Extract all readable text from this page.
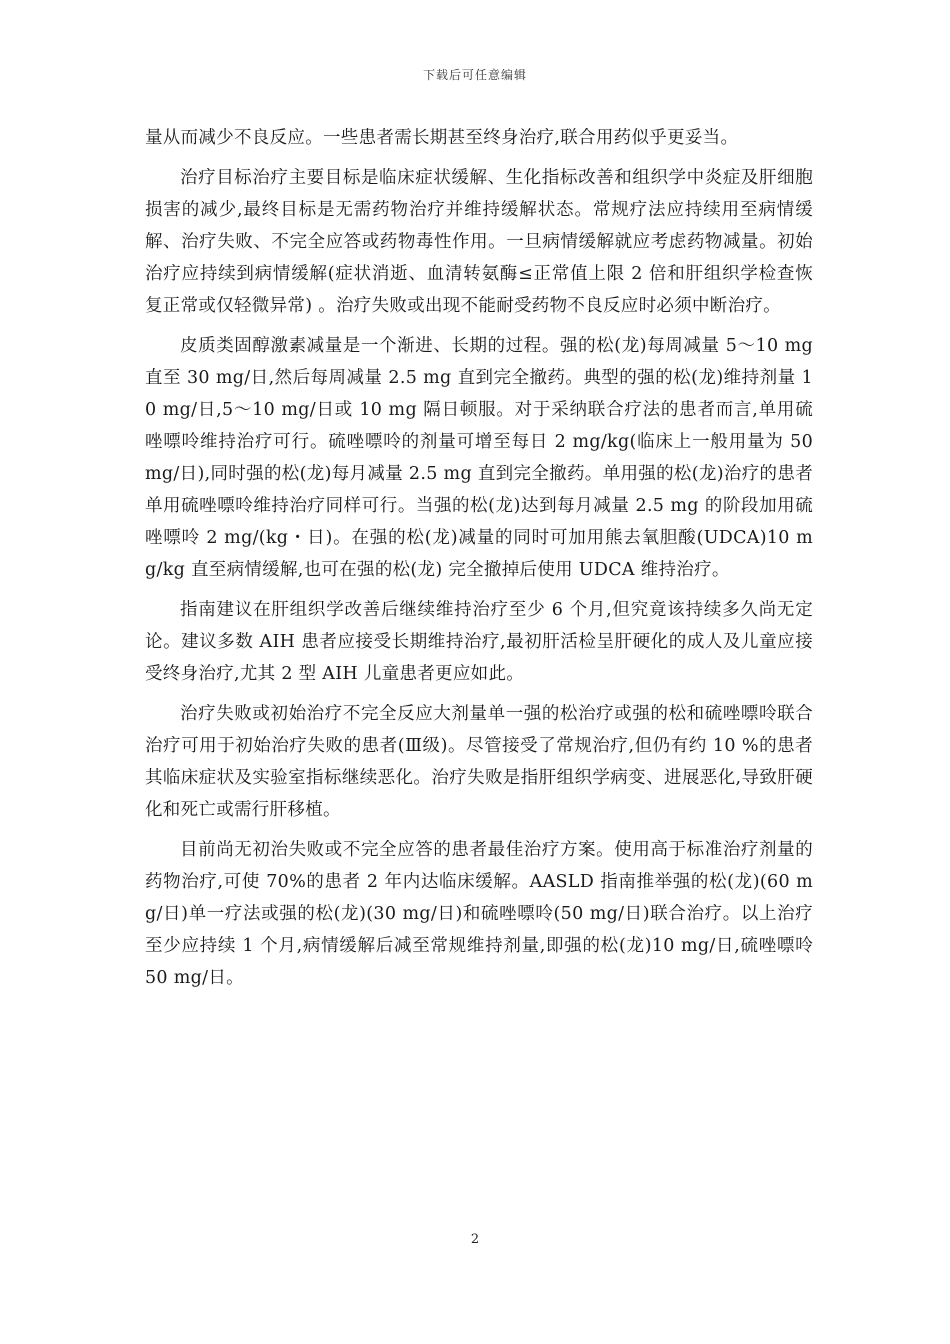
下载后可任意编辑

量从而减少不良反应。一些患者需长期甚至终身治疗,联合用药似乎更妥当。

治疗目标治疗主要目标是临床症状缓解、生化指标改善和组织学中炎症及肝细胞损害的减少,最终目标是无需药物治疗并维持缓解状态。常规疗法应持续用至病情缓解、治疗失败、不完全应答或药物毒性作用。一旦病情缓解就应考虑药物减量。初始治疗应持续到病情缓解(症状消逝、血清转氨酶≤正常值上限 2 倍和肝组织学检查恢复正常或仅轻微异常) 。治疗失败或出现不能耐受药物不良反应时必须中断治疗。

皮质类固醇激素减量是一个渐进、长期的过程。强的松(龙)每周减量 5～10 mg 直至 30 mg/日,然后每周减量 2.5 mg 直到完全撤药。典型的强的松(龙)维持剂量 10 mg/日,5～10 mg/日或 10 mg 隔日顿服。对于采纳联合疗法的患者而言,单用硫唑嘌呤维持治疗可行。硫唑嘌呤的剂量可增至每日 2 mg/kg(临床上一般用量为 50 mg/日),同时强的松(龙)每月减量 2.5 mg 直到完全撤药。单用强的松(龙)治疗的患者单用硫唑嘌呤维持治疗同样可行。当强的松(龙)达到每月减量 2.5 mg 的阶段加用硫唑嘌呤 2 mg/(kg・日)。在强的松(龙)减量的同时可加用熊去氧胆酸(UDCA)10 mg/kg 直至病情缓解,也可在强的松(龙) 完全撤掉后使用 UDCA 维持治疗。

指南建议在肝组织学改善后继续维持治疗至少 6 个月,但究竟该持续多久尚无定论。建议多数 AIH 患者应接受长期维持治疗,最初肝活检呈肝硬化的成人及儿童应接受终身治疗,尤其 2 型 AIH 儿童患者更应如此。

治疗失败或初始治疗不完全反应大剂量单一强的松治疗或强的松和硫唑嘌呤联合治疗可用于初始治疗失败的患者(Ⅲ级)。尽管接受了常规治疗,但仍有约 10 %的患者其临床症状及实验室指标继续恶化。治疗失败是指肝组织学病变、进展恶化,导致肝硬化和死亡或需行肝移植。

目前尚无初治失败或不完全应答的患者最佳治疗方案。使用高于标准治疗剂量的药物治疗,可使 70%的患者 2 年内达临床缓解。AASLD 指南推举强的松(龙)(60 mg/日)单一疗法或强的松(龙)(30 mg/日)和硫唑嘌呤(50 mg/日)联合治疗。以上治疗至少应持续 1 个月,病情缓解后减至常规维持剂量,即强的松(龙)10 mg/日,硫唑嘌呤 50 mg/日。

2
